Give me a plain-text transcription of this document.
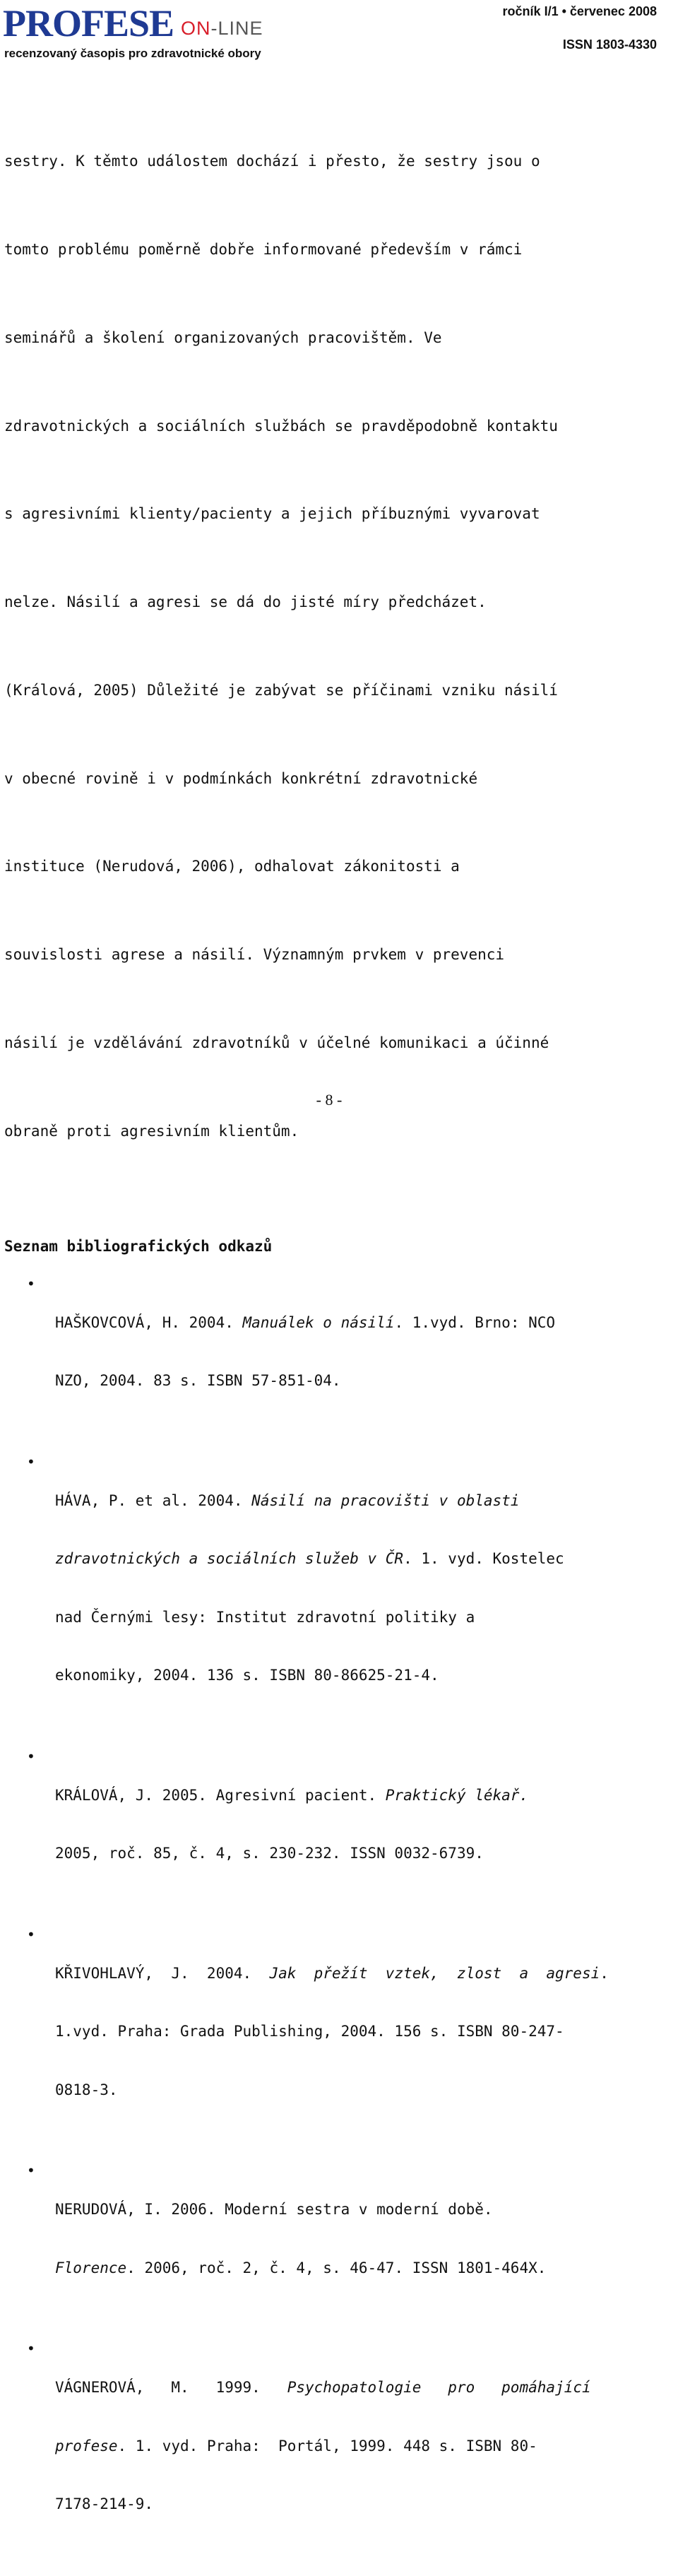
PROFESE ON-LINE
recenzovaný časopis pro zdravotnické obory
ročník I/1 • červenec 2008
ISSN 1803-4330

sestry. K těmto událostem dochází i přesto, že sestry jsou o

tomto problému poměrně dobře informované především v rámci

seminářů a školení organizovaných pracovištěm. Ve

zdravotnických a sociálních službách se pravděpodobně kontaktu

s agresivními klienty/pacienty a jejich příbuznými vyvarovat

nelze. Násilí a agresi se dá do jisté míry předcházet.

(Králová, 2005) Důležité je zabývat se příčinami vzniku násilí

v obecné rovině i v podmínkách konkrétní zdravotnické

instituce (Nerudová, 2006), odhalovat zákonitosti a

souvislosti agrese a násilí. Významným prvkem v prevenci

násilí je vzdělávání zdravotníků v účelné komunikaci a účinné

obraně proti agresivním klientům.

Seznam bibliografických odkazů

• HAŠKOVCOVÁ, H. 2004. Manuálek o násilí. 1.vyd. Brno: NCO

NZO, 2004. 83 s. ISBN 57-851-04.

• HÁVA, P. et al. 2004. Násilí na pracovišti v oblasti

zdravotnických a sociálních služeb v ČR. 1. vyd. Kostelec

nad Černými lesy: Institut zdravotní politiky a

ekonomiky, 2004. 136 s. ISBN 80-86625-21-4.

• KRÁLOVÁ, J. 2005. Agresivní pacient. Praktický lékař.

2005, roč. 85, č. 4, s. 230-232. ISSN 0032-6739.

• KŘIVOHLAVÝ,  J.  2004.  Jak  přežít  vztek,  zlost  a  agresi.

1.vyd. Praha: Grada Publishing, 2004. 156 s. ISBN 80-247-

0818-3.

• NERUDOVÁ, I. 2006. Moderní sestra v moderní době.

Florence. 2006, roč. 2, č. 4, s. 46-47. ISSN 1801-464X.

• VÁGNEROVÁ,   M.   1999.   Psychopatologie   pro   pomáhající

profese. 1. vyd. Praha:  Portál, 1999. 448 s. ISBN 80-

7178-214-9.

- 8 -
